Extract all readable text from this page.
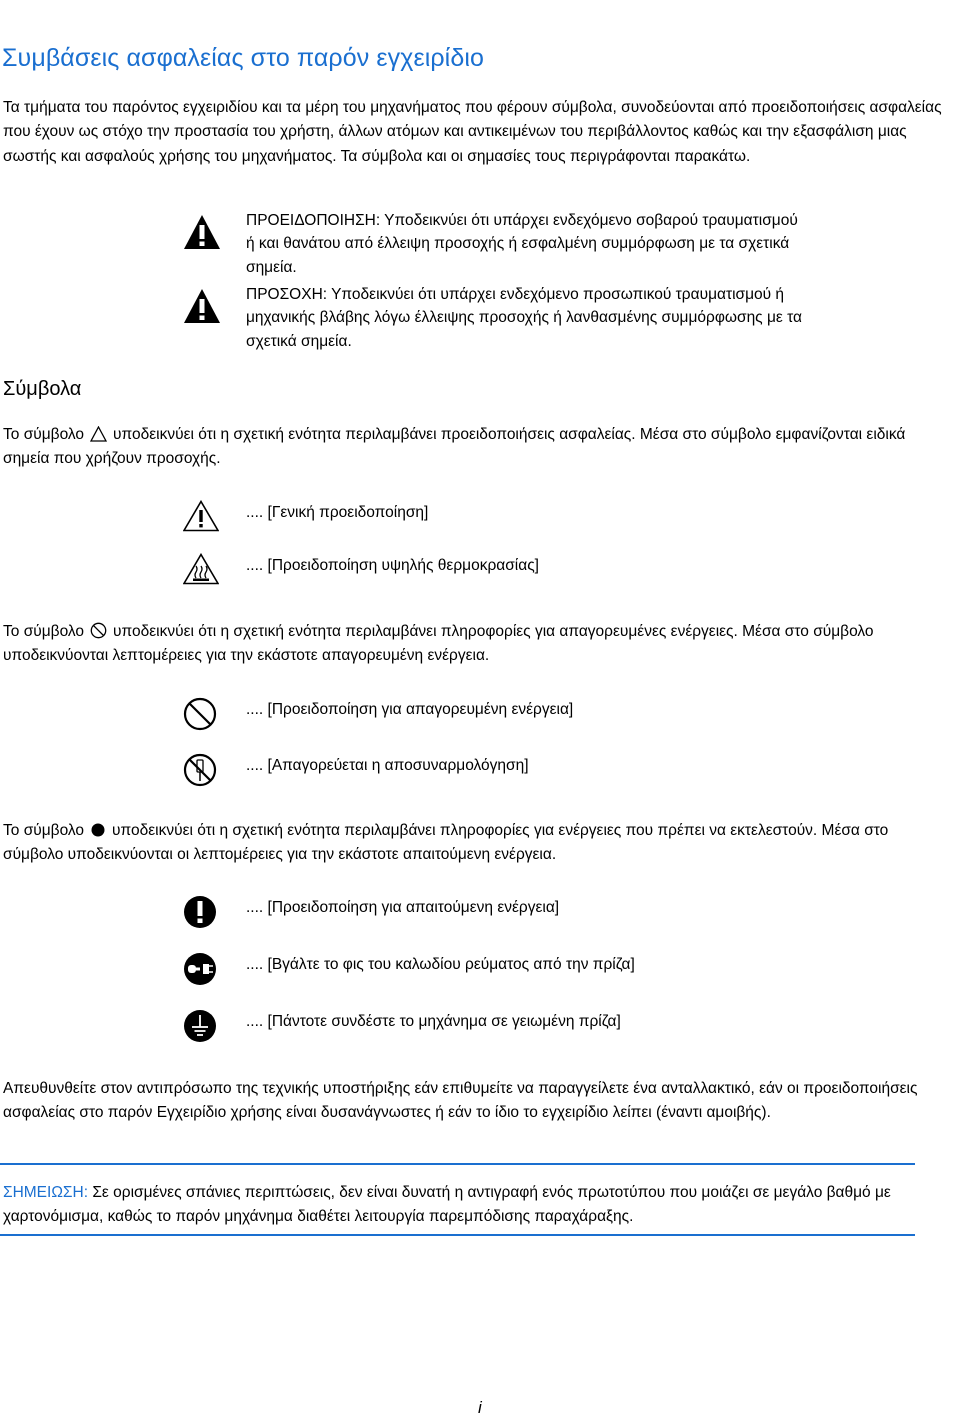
Συμβάσεις ασφαλείας στο παρόν εγχειρίδιο

Τα τμήματα του παρόντος εγχειριδίου και τα μέρη του μηχανήματος που φέρουν σύμβολα, συνοδεύονται από προειδοποιήσεις ασφαλείας που έχουν ως στόχο την προστασία του χρήστη, άλλων ατόμων και αντικειμένων του περιβάλλοντος καθώς και την εξασφάλιση μιας σωστής και ασφαλούς χρήσης του μηχανήματος. Τα σύμβολα και οι σημασίες τους περιγράφονται παρακάτω.

ΠΡΟΕΙΔΟΠΟΙΗΣΗ: Υποδεικνύει ότι υπάρχει ενδεχόμενο σοβαρού τραυματισμού ή και θανάτου από έλλειψη προσοχής ή εσφαλμένη συμμόρφωση με τα σχετικά σημεία.

ΠΡΟΣΟΧΗ: Υποδεικνύει ότι υπάρχει ενδεχόμενο προσωπικού τραυματισμού ή μηχανικής βλάβης λόγω έλλειψης προσοχής ή λανθασμένης συμμόρφωσης με τα σχετικά σημεία.

Σύμβολα

Το σύμβολο υποδεικνύει ότι η σχετική ενότητα περιλαμβάνει προειδοποιήσεις ασφαλείας. Μέσα στο σύμβολο εμφανίζονται ειδικά σημεία που χρήζουν προσοχής.

.... [Γενική προειδοποίηση]
.... [Προειδοποίηση υψηλής θερμοκρασίας]

Το σύμβολο υποδεικνύει ότι η σχετική ενότητα περιλαμβάνει πληροφορίες για απαγορευμένες ενέργειες. Μέσα στο σύμβολο υποδεικνύονται λεπτομέρειες για την εκάστοτε απαγορευμένη ενέργεια.

.... [Προειδοποίηση για απαγορευμένη ενέργεια]
.... [Απαγορεύεται η αποσυναρμολόγηση]

Το σύμβολο υποδεικνύει ότι η σχετική ενότητα περιλαμβάνει πληροφορίες για ενέργειες που πρέπει να εκτελεστούν. Μέσα στο σύμβολο υποδεικνύονται οι λεπτομέρειες για την εκάστοτε απαιτούμενη ενέργεια.

.... [Προειδοποίηση για απαιτούμενη ενέργεια]
.... [Βγάλτε το φις του καλωδίου ρεύματος από την πρίζα]
.... [Πάντοτε συνδέστε το μηχάνημα σε γειωμένη πρίζα]

Απευθυνθείτε στον αντιπρόσωπο της τεχνικής υποστήριξης εάν επιθυμείτε να παραγγείλετε ένα ανταλλακτικό, εάν οι προειδοποιήσεις ασφαλείας στο παρόν Εγχειρίδιο χρήσης είναι δυσανάγνωστες ή εάν το ίδιο το εγχειρίδιο λείπει (έναντι αμοιβής).

ΣΗΜΕΙΩΣΗ: Σε ορισμένες σπάνιες περιπτώσεις, δεν είναι δυνατή η αντιγραφή ενός πρωτοτύπου που μοιάζει σε μεγάλο βαθμό με χαρτονόμισμα, καθώς το παρόν μηχάνημα διαθέτει λειτουργία παρεμπόδισης παραχάραξης.

i
